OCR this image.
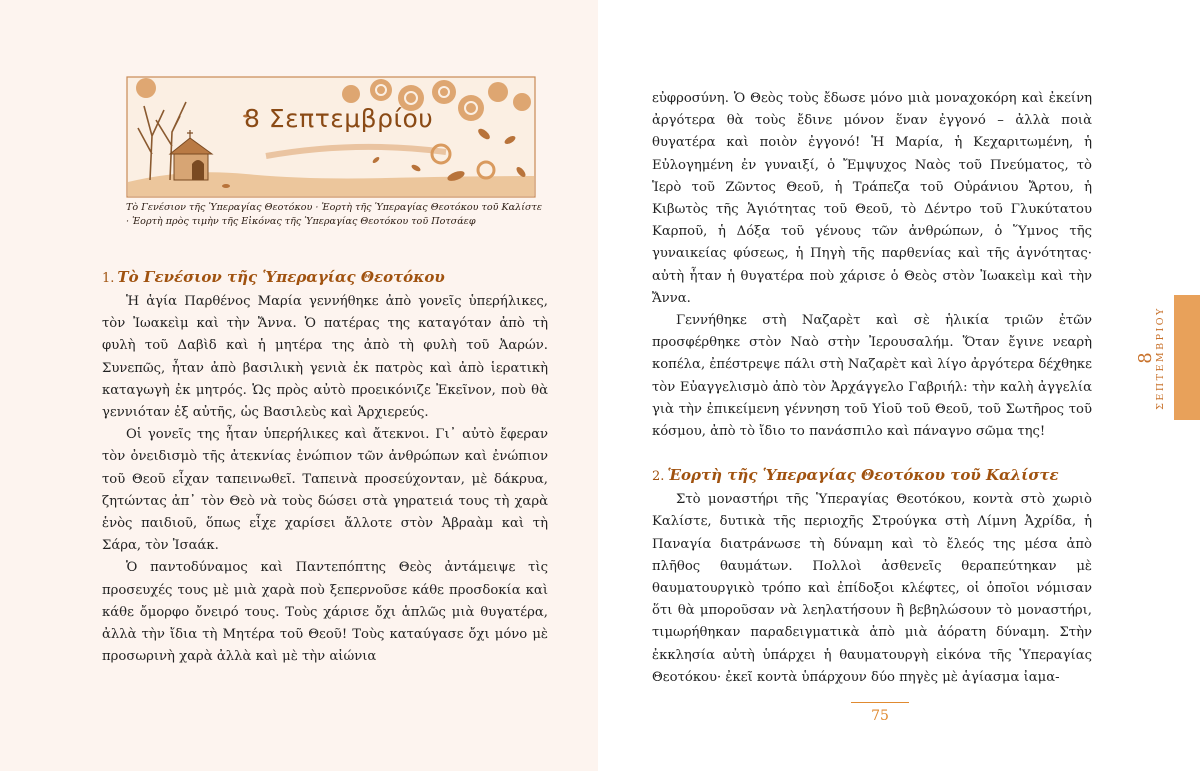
8 Σεπτεμβρίου
Τὸ Γενέσιον τῆς Ὑπεραγίας Θεοτόκου · Ἑορτὴ τῆς Ὑπεραγίας Θεοτόκου τοῦ Καλίστε · Ἑορτὴ πρὸς τιμὴν τῆς Εἰκόνας τῆς Ὑπεραγίας Θεοτόκου τοῦ Ποτσάεφ
1. Τὸ Γενέσιον τῆς Ὑπεραγίας Θεοτόκου

Ἡ ἁγία Παρθένος Μαρία γεννήθηκε ἀπὸ γονεῖς ὑπερήλικες, τὸν Ἰωακεὶμ καὶ τὴν Ἄννα. Ὁ πατέρας της καταγόταν ἀπὸ τὴ φυλὴ τοῦ Δαβὶδ καὶ ἡ μητέρα της ἀπὸ τὴ φυλὴ τοῦ Ἀαρών. Συνεπῶς, ἦταν ἀπὸ βασιλικὴ γενιὰ ἐκ πατρὸς καὶ ἀπὸ ἱερατικὴ καταγωγὴ ἐκ μητρός. Ὡς πρὸς αὐτὸ προεικόνιζε Ἐκεῖνον, ποὺ θὰ γεννιόταν ἐξ αὐτῆς, ὡς Βασιλεὺς καὶ Ἀρχιερεύς.

Οἱ γονεῖς της ἦταν ὑπερήλικες καὶ ἄτεκνοι. Γι᾽ αὐτὸ ἔφεραν τὸν ὀνειδισμὸ τῆς ἀτεκνίας ἐνώπιον τῶν ἀνθρώπων καὶ ἐνώπιον τοῦ Θεοῦ εἶχαν ταπεινωθεῖ. Ταπεινὰ προσεύχονταν, μὲ δάκρυα, ζητώντας ἀπ᾽ τὸν Θεὸ νὰ τοὺς δώσει στὰ γηρατειά τους τὴ χαρὰ ἑνὸς παιδιοῦ, ὅπως εἶχε χαρίσει ἄλλοτε στὸν Ἀβραὰμ καὶ τὴ Σάρα, τὸν Ἰσαάκ.

Ὁ παντοδύναμος καὶ Παντεπόπτης Θεὸς ἀντάμειψε τὶς προσευχές τους μὲ μιὰ χαρὰ ποὺ ξεπερνοῦσε κάθε προσδοκία καὶ κάθε ὄμορφο ὄνειρό τους. Τοὺς χάρισε ὄχι ἁπλῶς μιὰ θυγατέρα, ἀλλὰ τὴν ἴδια τὴ Μητέρα τοῦ Θεοῦ! Τοὺς καταύγασε ὄχι μόνο μὲ προσωρινὴ χαρὰ ἀλλὰ καὶ μὲ τὴν αἰώνια

εὐφροσύνη. Ὁ Θεὸς τοὺς ἔδωσε μόνο μιὰ μοναχοκόρη καὶ ἐκείνη ἀργότερα θὰ τοὺς ἔδινε μόνον ἕναν ἐγγονό – ἀλλὰ ποιὰ θυγατέρα καὶ ποιὸν ἐγγονό! Ἡ Μαρία, ἡ Κεχαριτωμένη, ἡ Εὐλογημένη ἐν γυναιξί, ὁ Ἔμψυχος Ναὸς τοῦ Πνεύματος, τὸ Ἱερὸ τοῦ Ζῶντος Θεοῦ, ἡ Τράπεζα τοῦ Οὐράνιου Ἄρτου, ἡ Κιβωτὸς τῆς Ἁγιότητας τοῦ Θεοῦ, τὸ Δέντρο τοῦ Γλυκύτατου Καρποῦ, ἡ Δόξα τοῦ γένους τῶν ἀνθρώπων, ὁ Ὕμνος τῆς γυναικείας φύσεως, ἡ Πηγὴ τῆς παρθενίας καὶ τῆς ἁγνότητας· αὐτὴ ἦταν ἡ θυγατέρα ποὺ χάρισε ὁ Θεὸς στὸν Ἰωακεὶμ καὶ τὴν Ἄννα.

Γεννήθηκε στὴ Ναζαρὲτ καὶ σὲ ἡλικία τριῶν ἐτῶν προσφέρθηκε στὸν Ναὸ στὴν Ἰερουσαλήμ. Ὅταν ἔγινε νεαρὴ κοπέλα, ἐπέστρεψε πάλι στὴ Ναζαρὲτ καὶ λίγο ἀργότερα δέχθηκε τὸν Εὐαγγελισμὸ ἀπὸ τὸν Ἀρχάγγελο Γαβριήλ: τὴν καλὴ ἀγγελία γιὰ τὴν ἐπικείμενη γέννηση τοῦ Υἱοῦ τοῦ Θεοῦ, τοῦ Σωτῆρος τοῦ κόσμου, ἀπὸ τὸ ἴδιο το πανάσπιλο καὶ πάναγνο σῶμα της!

2. Ἑορτὴ τῆς Ὑπεραγίας Θεοτόκου τοῦ Καλίστε

Στὸ μοναστήρι τῆς Ὑπεραγίας Θεοτόκου, κοντὰ στὸ χωριὸ Καλίστε, δυτικὰ τῆς περιοχῆς Στρούγκα στὴ Λίμνη Ἀχρίδα, ἡ Παναγία διατράνωσε τὴ δύναμη καὶ τὸ ἔλεός της μέσα ἀπὸ πλῆθος θαυμάτων. Πολλοὶ ἀσθενεῖς θεραπεύτηκαν μὲ θαυματουργικὸ τρόπο καὶ ἐπίδοξοι κλέφτες, οἱ ὁποῖοι νόμισαν ὅτι θὰ μποροῦσαν νὰ λεηλατήσουν ἢ βεβηλώσουν τὸ μοναστήρι, τιμωρήθηκαν παραδειγματικὰ ἀπὸ μιὰ ἀόρατη δύναμη. Στὴν ἐκκλησία αὐτὴ ὑπάρχει ἡ θαυματουργὴ εἰκόνα τῆς Ὑπεραγίας Θεοτόκου· ἐκεῖ κοντὰ ὑπάρχουν δύο πηγὲς μὲ ἁγίασμα ἰαμα-

8 ΣΕΠΤΕΜΒΡΙΟΥ
75
